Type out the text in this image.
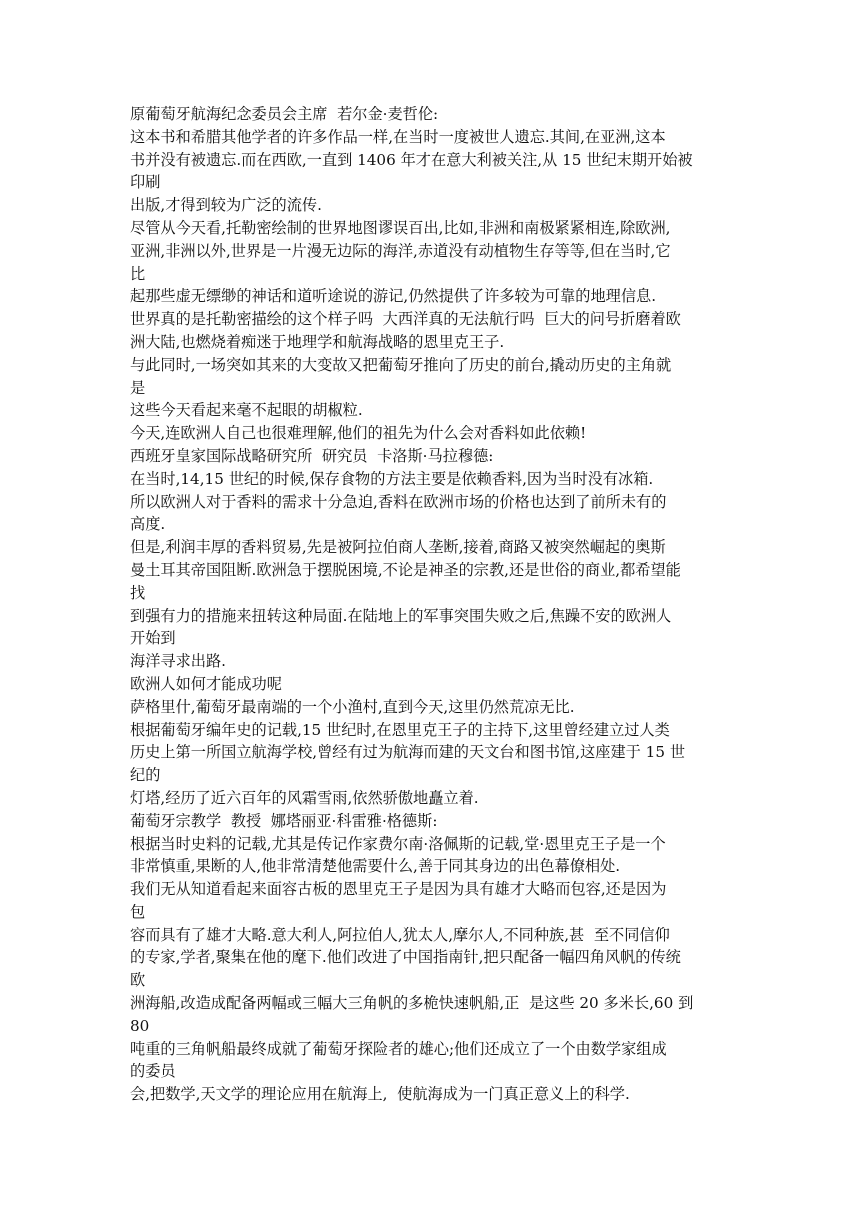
原葡萄牙航海纪念委员会主席  若尔金·麦哲伦:
这本书和希腊其他学者的许多作品一样,在当时一度被世人遗忘.其间,在亚洲,这本
书并没有被遗忘.而在西欧,一直到 1406 年才在意大利被关注,从 15 世纪末期开始被
印刷
出版,才得到较为广泛的流传.
尽管从今天看,托勒密绘制的世界地图谬误百出,比如,非洲和南极紧紧相连,除欧洲,
亚洲,非洲以外,世界是一片漫无边际的海洋,赤道没有动植物生存等等,但在当时,它
比
起那些虚无缥缈的神话和道听途说的游记,仍然提供了许多较为可靠的地理信息.
世界真的是托勒密描绘的这个样子吗  大西洋真的无法航行吗  巨大的问号折磨着欧
洲大陆,也燃烧着痴迷于地理学和航海战略的恩里克王子.
与此同时,一场突如其来的大变故又把葡萄牙推向了历史的前台,撬动历史的主角就
是
这些今天看起来毫不起眼的胡椒粒.
今天,连欧洲人自己也很难理解,他们的祖先为什么会对香料如此依赖!
西班牙皇家国际战略研究所  研究员  卡洛斯·马拉穆德:
在当时,14,15 世纪的时候,保存食物的方法主要是依赖香料,因为当时没有冰箱.
所以欧洲人对于香料的需求十分急迫,香料在欧洲市场的价格也达到了前所未有的
高度.
但是,利润丰厚的香料贸易,先是被阿拉伯商人垄断,接着,商路又被突然崛起的奥斯
曼土耳其帝国阻断.欧洲急于摆脱困境,不论是神圣的宗教,还是世俗的商业,都希望能
找
到强有力的措施来扭转这种局面.在陆地上的军事突围失败之后,焦躁不安的欧洲人
开始到
海洋寻求出路.
欧洲人如何才能成功呢
萨格里什,葡萄牙最南端的一个小渔村,直到今天,这里仍然荒凉无比.
根据葡萄牙编年史的记载,15 世纪时,在恩里克王子的主持下,这里曾经建立过人类
历史上第一所国立航海学校,曾经有过为航海而建的天文台和图书馆,这座建于 15 世
纪的
灯塔,经历了近六百年的风霜雪雨,依然骄傲地矗立着.
葡萄牙宗教学  教授  娜塔丽亚·科雷雅·格德斯:
根据当时史料的记载,尤其是传记作家费尔南·洛佩斯的记载,堂·恩里克王子是一个
非常慎重,果断的人,他非常清楚他需要什么,善于同其身边的出色幕僚相处.
我们无从知道看起来面容古板的恩里克王子是因为具有雄才大略而包容,还是因为
包
容而具有了雄才大略.意大利人,阿拉伯人,犹太人,摩尔人,不同种族,甚  至不同信仰
的专家,学者,聚集在他的麾下.他们改进了中国指南针,把只配备一幅四角风帆的传统
欧
洲海船,改造成配备两幅或三幅大三角帆的多桅快速帆船,正  是这些 20 多米长,60 到
80
吨重的三角帆船最终成就了葡萄牙探险者的雄心;他们还成立了一个由数学家组成
的委员
会,把数学,天文学的理论应用在航海上,  使航海成为一门真正意义上的科学.
